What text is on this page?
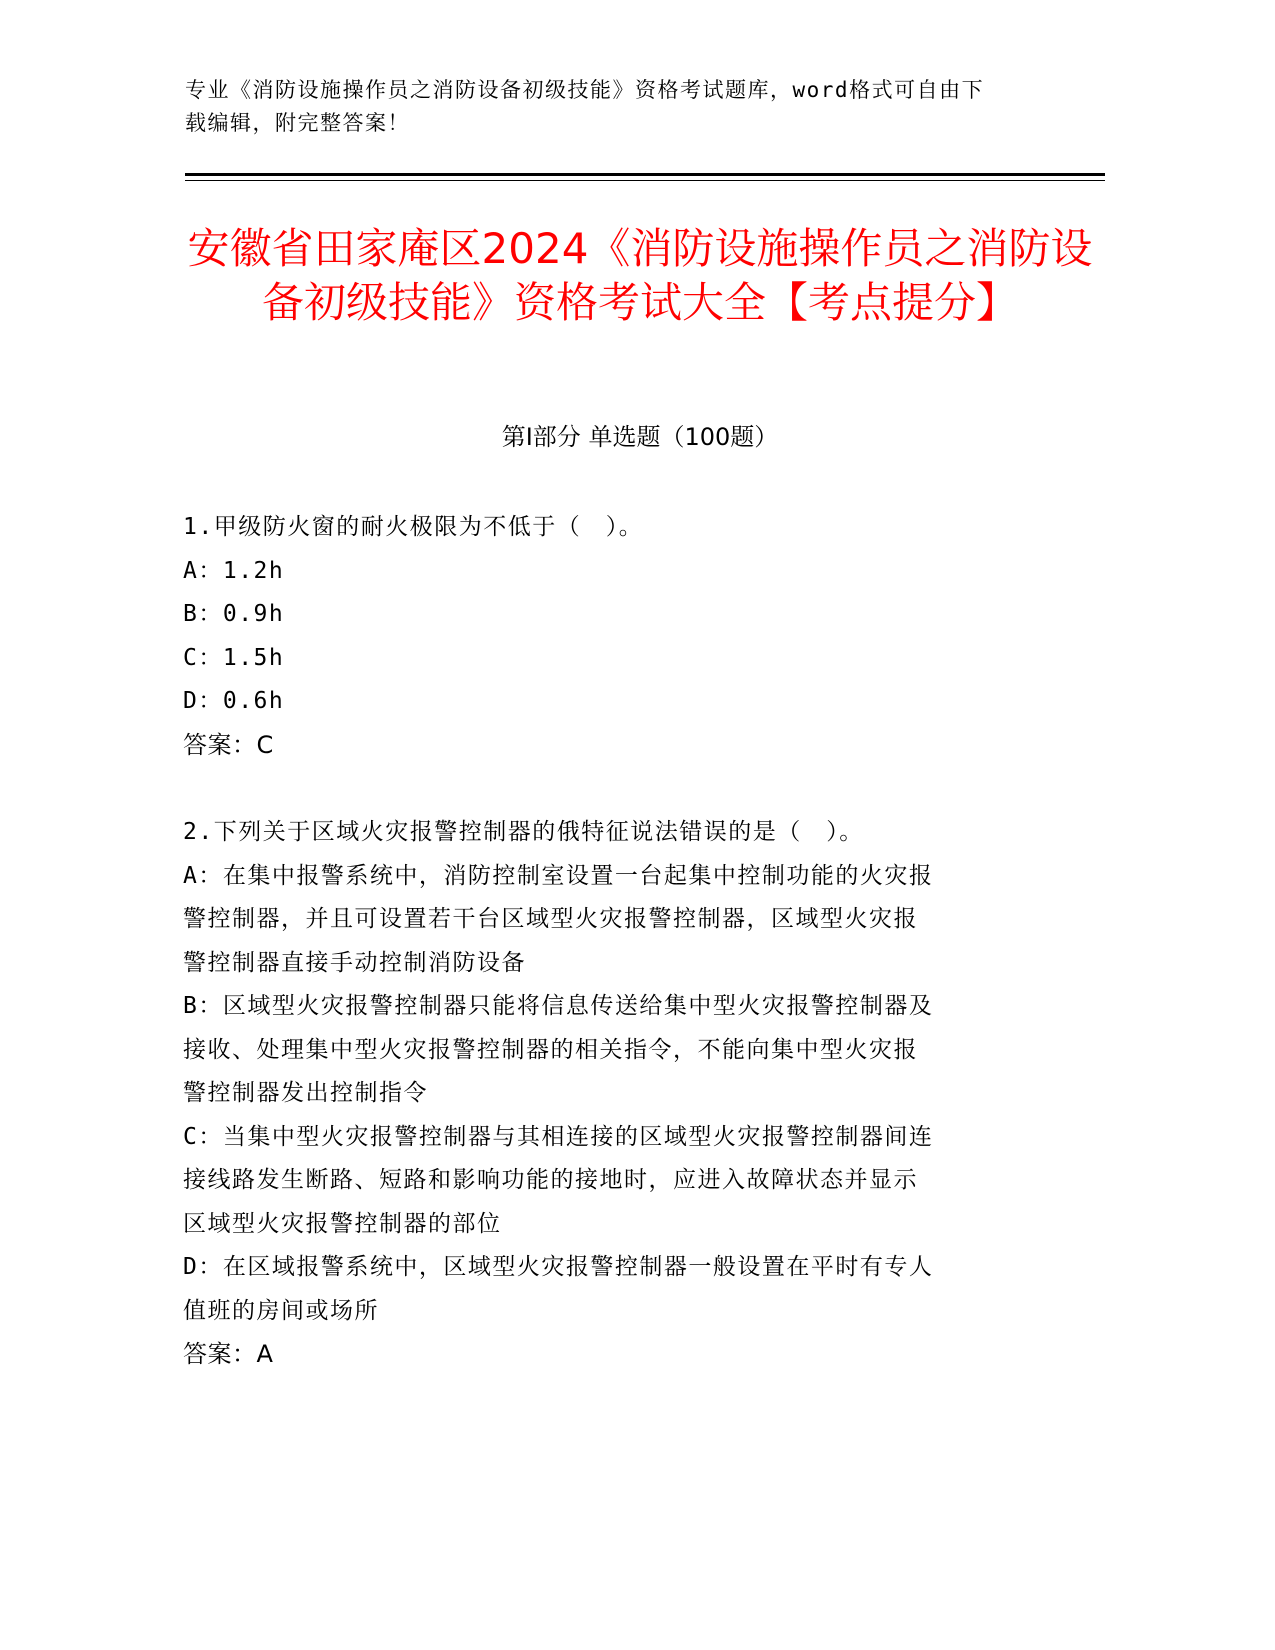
专业《消防设施操作员之消防设备初级技能》资格考试题库，word格式可自由下
载编辑，附完整答案！
安徽省田家庵区2024《消防设施操作员之消防设备初级技能》资格考试大全【考点提分】
第I部分 单选题（100题）
1.甲级防火窗的耐火极限为不低于（　）。
A：1.2h
B：0.9h
C：1.5h
D：0.6h
答案：C
2.下列关于区域火灾报警控制器的俄特征说法错误的是（　）。
A：在集中报警系统中，消防控制室设置一台起集中控制功能的火灾报
警控制器，并且可设置若干台区域型火灾报警控制器，区域型火灾报
警控制器直接手动控制消防设备
B：区域型火灾报警控制器只能将信息传送给集中型火灾报警控制器及
接收、处理集中型火灾报警控制器的相关指令，不能向集中型火灾报
警控制器发出控制指令
C：当集中型火灾报警控制器与其相连接的区域型火灾报警控制器间连
接线路发生断路、短路和影响功能的接地时，应进入故障状态并显示
区域型火灾报警控制器的部位
D：在区域报警系统中，区域型火灾报警控制器一般设置在平时有专人
值班的房间或场所
答案：A
